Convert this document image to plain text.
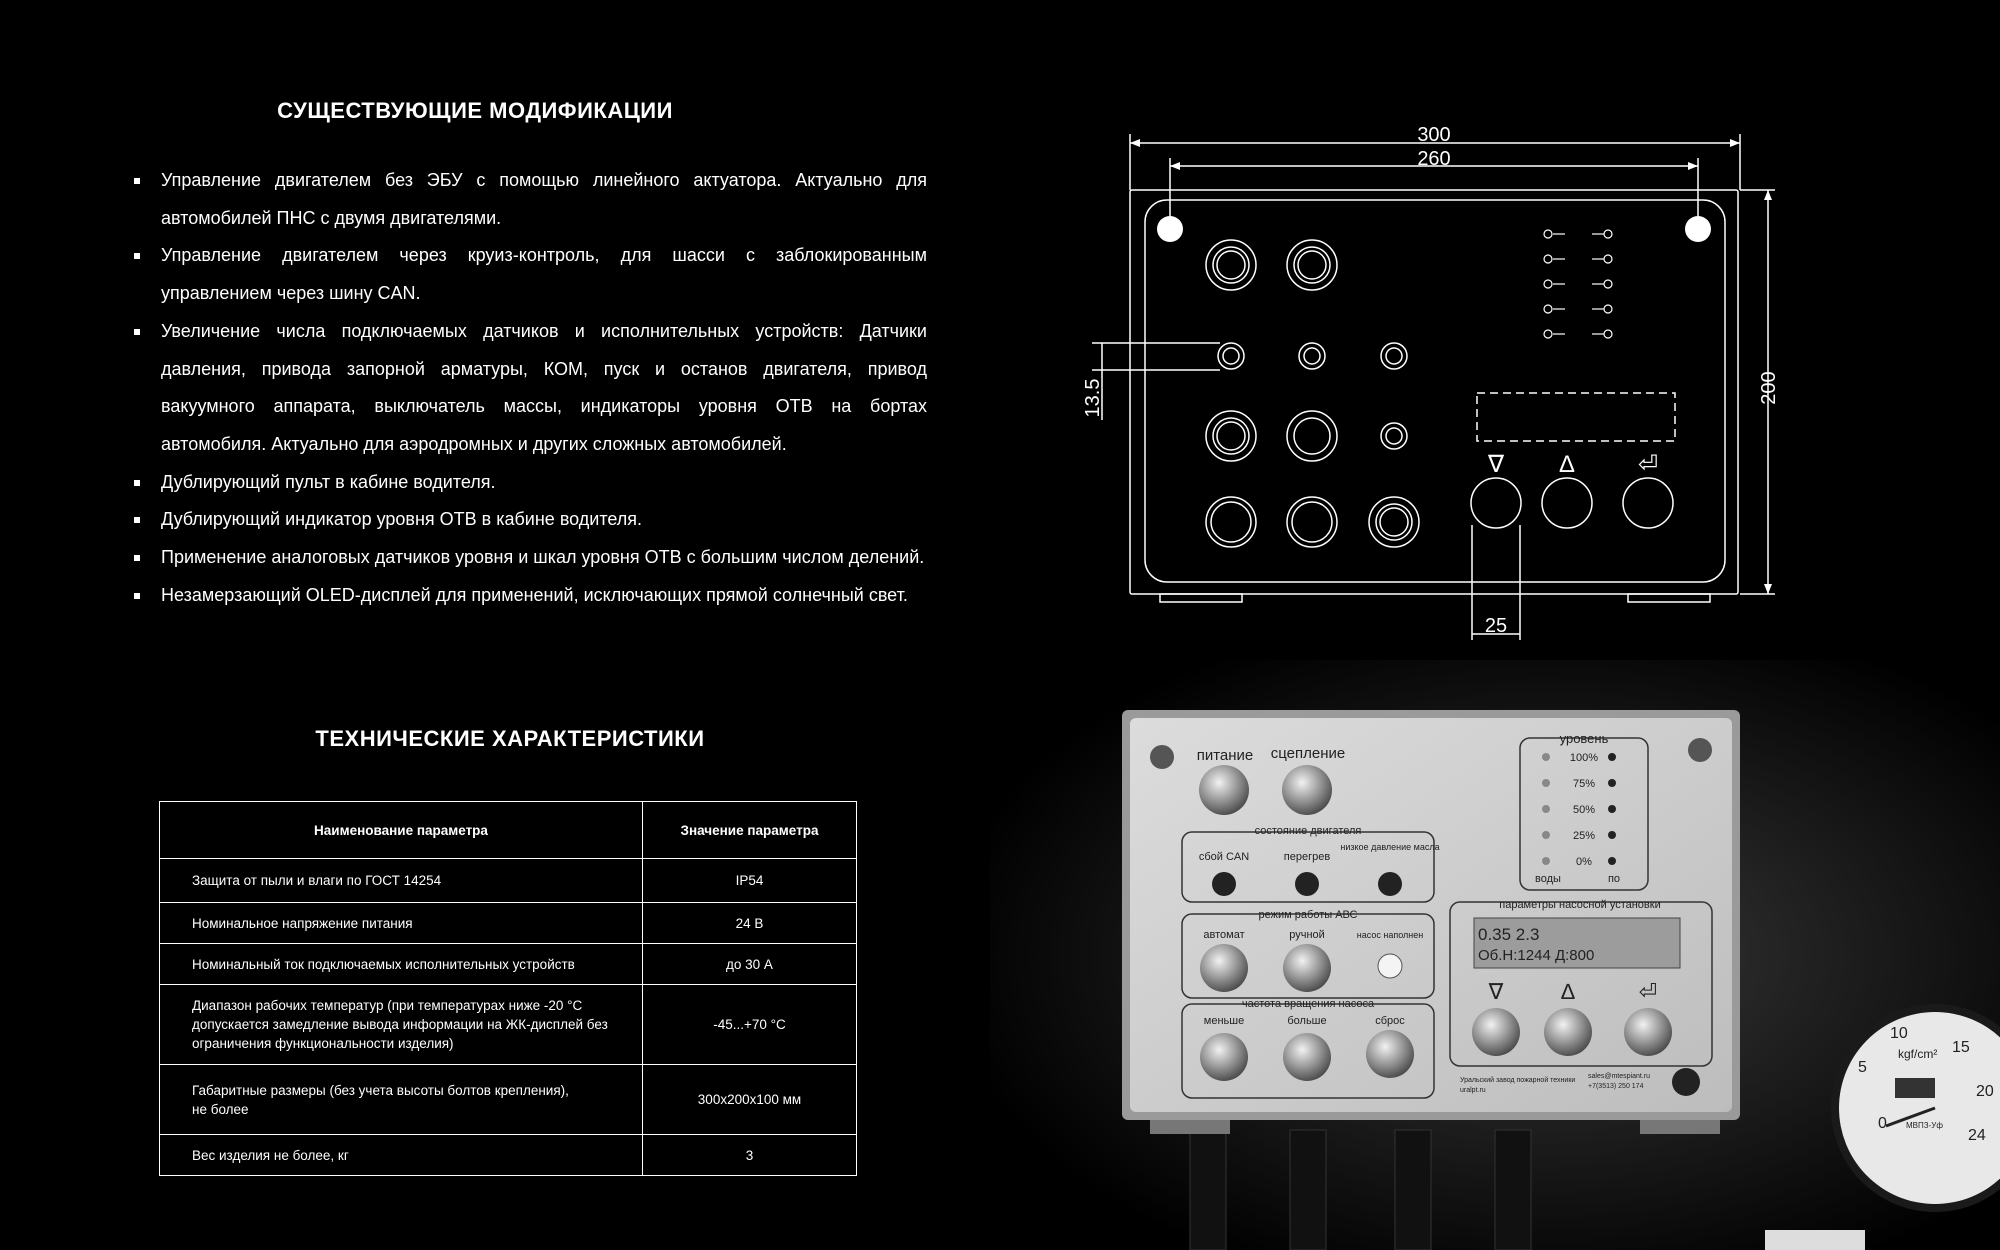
СУЩЕСТВУЮЩИЕ МОДИФИКАЦИИ
Управление двигателем без ЭБУ с помощью линейного актуатора. Актуально для автомобилей ПНС с двумя двигателями.
Управление двигателем через круиз-контроль, для шасси с заблокированным управлением через шину CAN.
Увеличение числа подключаемых датчиков и исполнительных устройств: Датчики давления, привода запорной арматуры, КОМ, пуск и останов двигателя, привод вакуумного аппарата, выключатель массы, индикаторы уровня ОТВ на бортах автомобиля. Актуально для аэродромных и других сложных автомобилей.
Дублирующий пульт в кабине водителя.
Дублирующий индикатор уровня ОТВ в кабине водителя.
Применение аналоговых датчиков уровня и шкал уровня ОТВ с большим числом делений.
Незамерзающий OLED-дисплей для применений, исключающих прямой солнечный свет.
ТЕХНИЧЕСКИЕ ХАРАКТЕРИСТИКИ
Наименование параметра	Значение параметра
Защита от пыли и влаги по ГОСТ 14254	IP54
Номинальное напряжение питания	24 В
Номинальный ток подключаемых исполнительных устройств	до 30 А
Диапазон рабочих температур (при температурах ниже -20 °С допускается замедление вывода информации на ЖК-дисплей без ограничения функциональности изделия)	-45...+70 °С
Габаритные размеры (без учета высоты болтов крепления), не более	300х200х100 мм
Вес изделия не более, кг	3
300
260
200
13.5
25
∇ ∆	⏎
питание сцепление
состояние двигателя
сбой CAN	перегрев
низкое давление масла
режим работы АВС
автомат	ручной	насос наполнен
частота вращения насоса
меньше	больше	сброс
уровень
100%
75%
50%
25%
0%
воды	по
параметры насосной установки
0.35 2.3
Об.Н:1244 Д:800
∇	∆	⏎
Уральский завод пожарной техники
uralpt.ru
sales@mtespiant.ru
+7(3513) 250 174
0
5
10
15
20
24
kgf/cm²
МВПЗ-Уф
